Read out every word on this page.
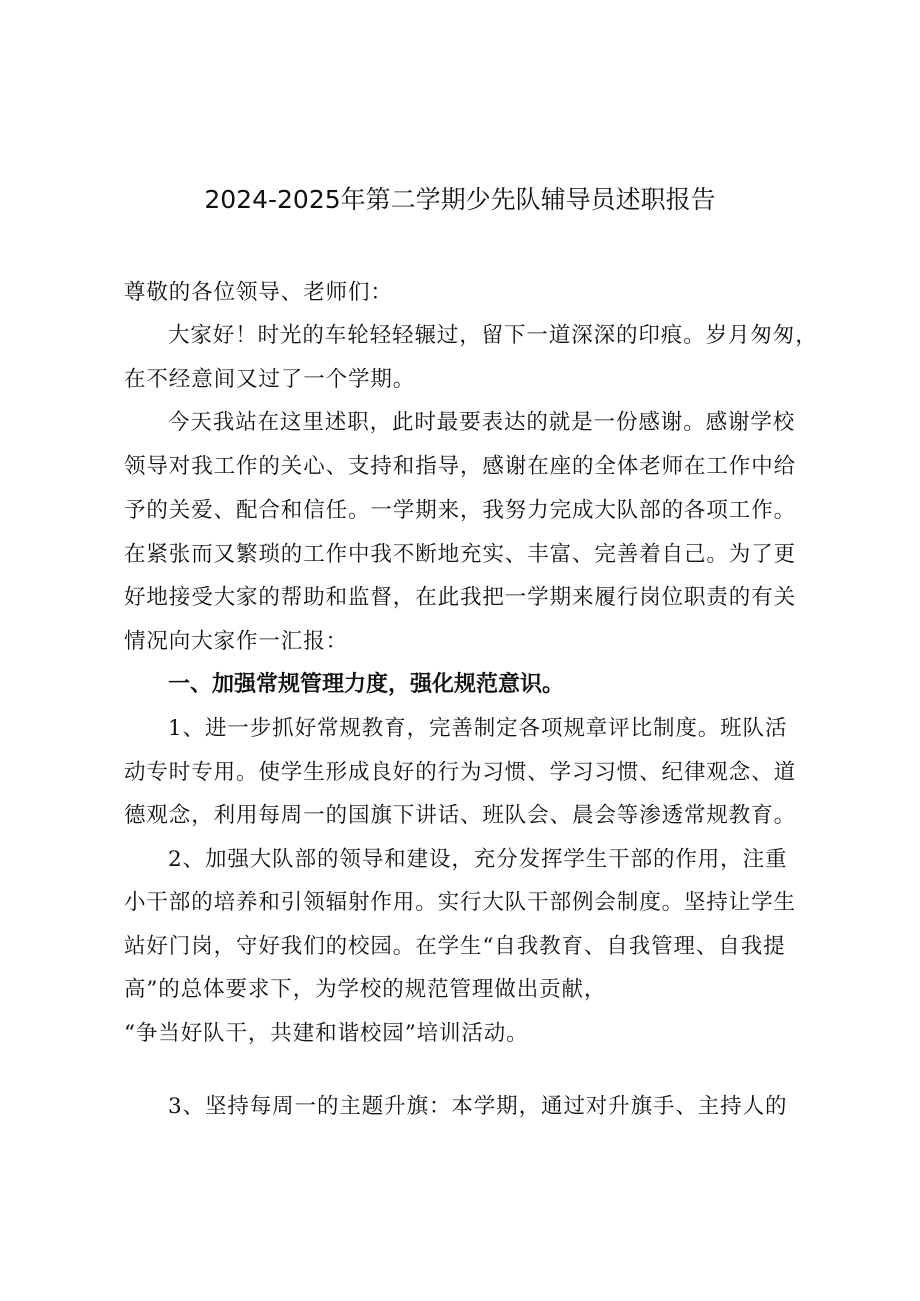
2024-2025年第二学期少先队辅导员述职报告
尊敬的各位领导、老师们：
大家好！时光的车轮轻轻辗过，留下一道深深的印痕。岁月匆匆，
在不经意间又过了一个学期。
今天我站在这里述职，此时最要表达的就是一份感谢。感谢学校
领导对我工作的关心、支持和指导，感谢在座的全体老师在工作中给
予的关爱、配合和信任。一学期来，我努力完成大队部的各项工作。
在紧张而又繁琐的工作中我不断地充实、丰富、完善着自己。为了更
好地接受大家的帮助和监督，在此我把一学期来履行岗位职责的有关
情况向大家作一汇报：
一、加强常规管理力度，强化规范意识。
1、进一步抓好常规教育，完善制定各项规章评比制度。班队活
动专时专用。使学生形成良好的行为习惯、学习习惯、纪律观念、道
德观念，利用每周一的国旗下讲话、班队会、晨会等渗透常规教育。
2、加强大队部的领导和建设，充分发挥学生干部的作用，注重
小干部的培养和引领辐射作用。实行大队干部例会制度。坚持让学生
站好门岗，守好我们的校园。在学生“自我教育、自我管理、自我提
高”的总体要求下，为学校的规范管理做出贡献，
“争当好队干，共建和谐校园”培训活动。
3、坚持每周一的主题升旗：本学期，通过对升旗手、主持人的
